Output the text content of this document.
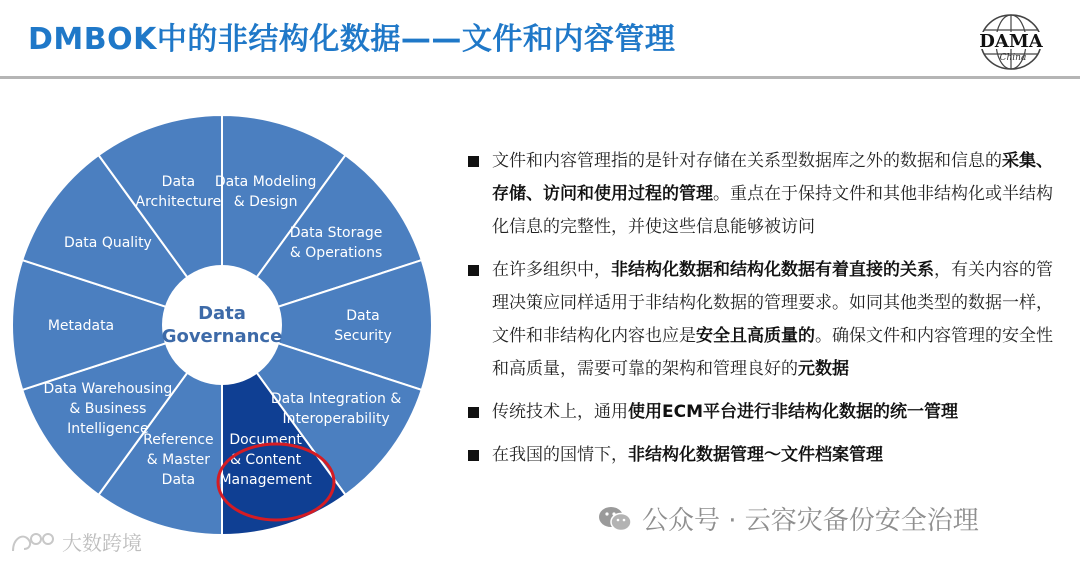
DMBOK中的非结构化数据——文件和内容管理	DAMA
China
Data
Governance
Data Modeling & Design
Data Storage & Operations
Data Security
Data Integration & Interoperability
Document & Content Management
Reference & Master Data
Data Warehousing & Business Intelligence
Metadata
Data Quality
Data Architecture
文件和内容管理指的是针对存储在关系型数据库之外的数据和信息的采集、存储、访问和使用过程的管理。重点在于保持文件和其他非结构化或半结构化信息的完整性，并使这些信息能够被访问
在许多组织中，非结构化数据和结构化数据有着直接的关系，有关内容的管理决策应同样适用于非结构化数据的管理要求。如同其他类型的数据一样，文件和非结构化内容也应是安全且高质量的。确保文件和内容管理的安全性和高质量，需要可靠的架构和管理良好的元数据
传统技术上，通用使用ECM平台进行非结构化数据的统一管理
在我国的国情下，非结构化数据管理～文件档案管理
公众号 · 云容灾备份安全治理
大数跨境
